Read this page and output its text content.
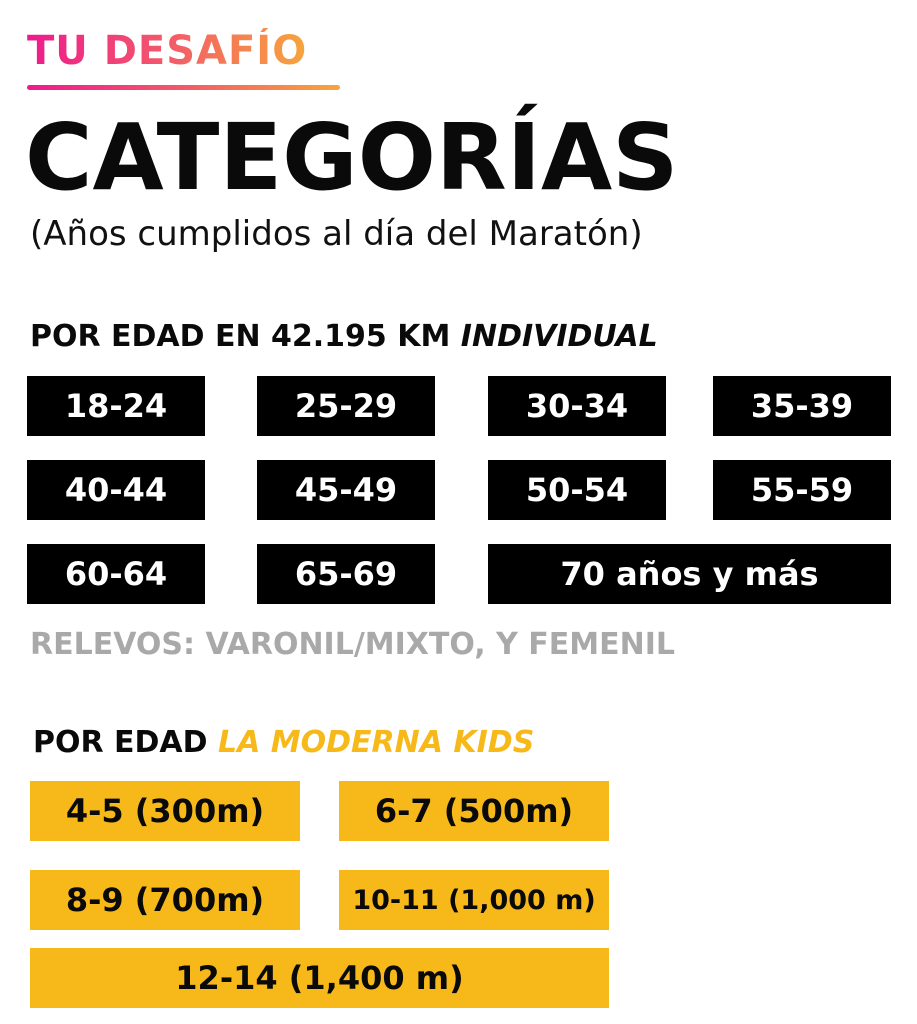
TU DESAFÍO
CATEGORÍAS
(Años cumplidos al día del Maratón)
POR EDAD EN 42.195 KM INDIVIDUAL
18-24	25-29	30-34	35-39
40-44	45-49	50-54	55-59
60-64	65-69	70 años y más
RELEVOS: VARONIL/MIXTO, Y FEMENIL
POR EDAD LA MODERNA KIDS
4-5 (300m)	6-7 (500m)
8-9 (700m)	10-11 (1,000 m)
12-14 (1,400 m)
